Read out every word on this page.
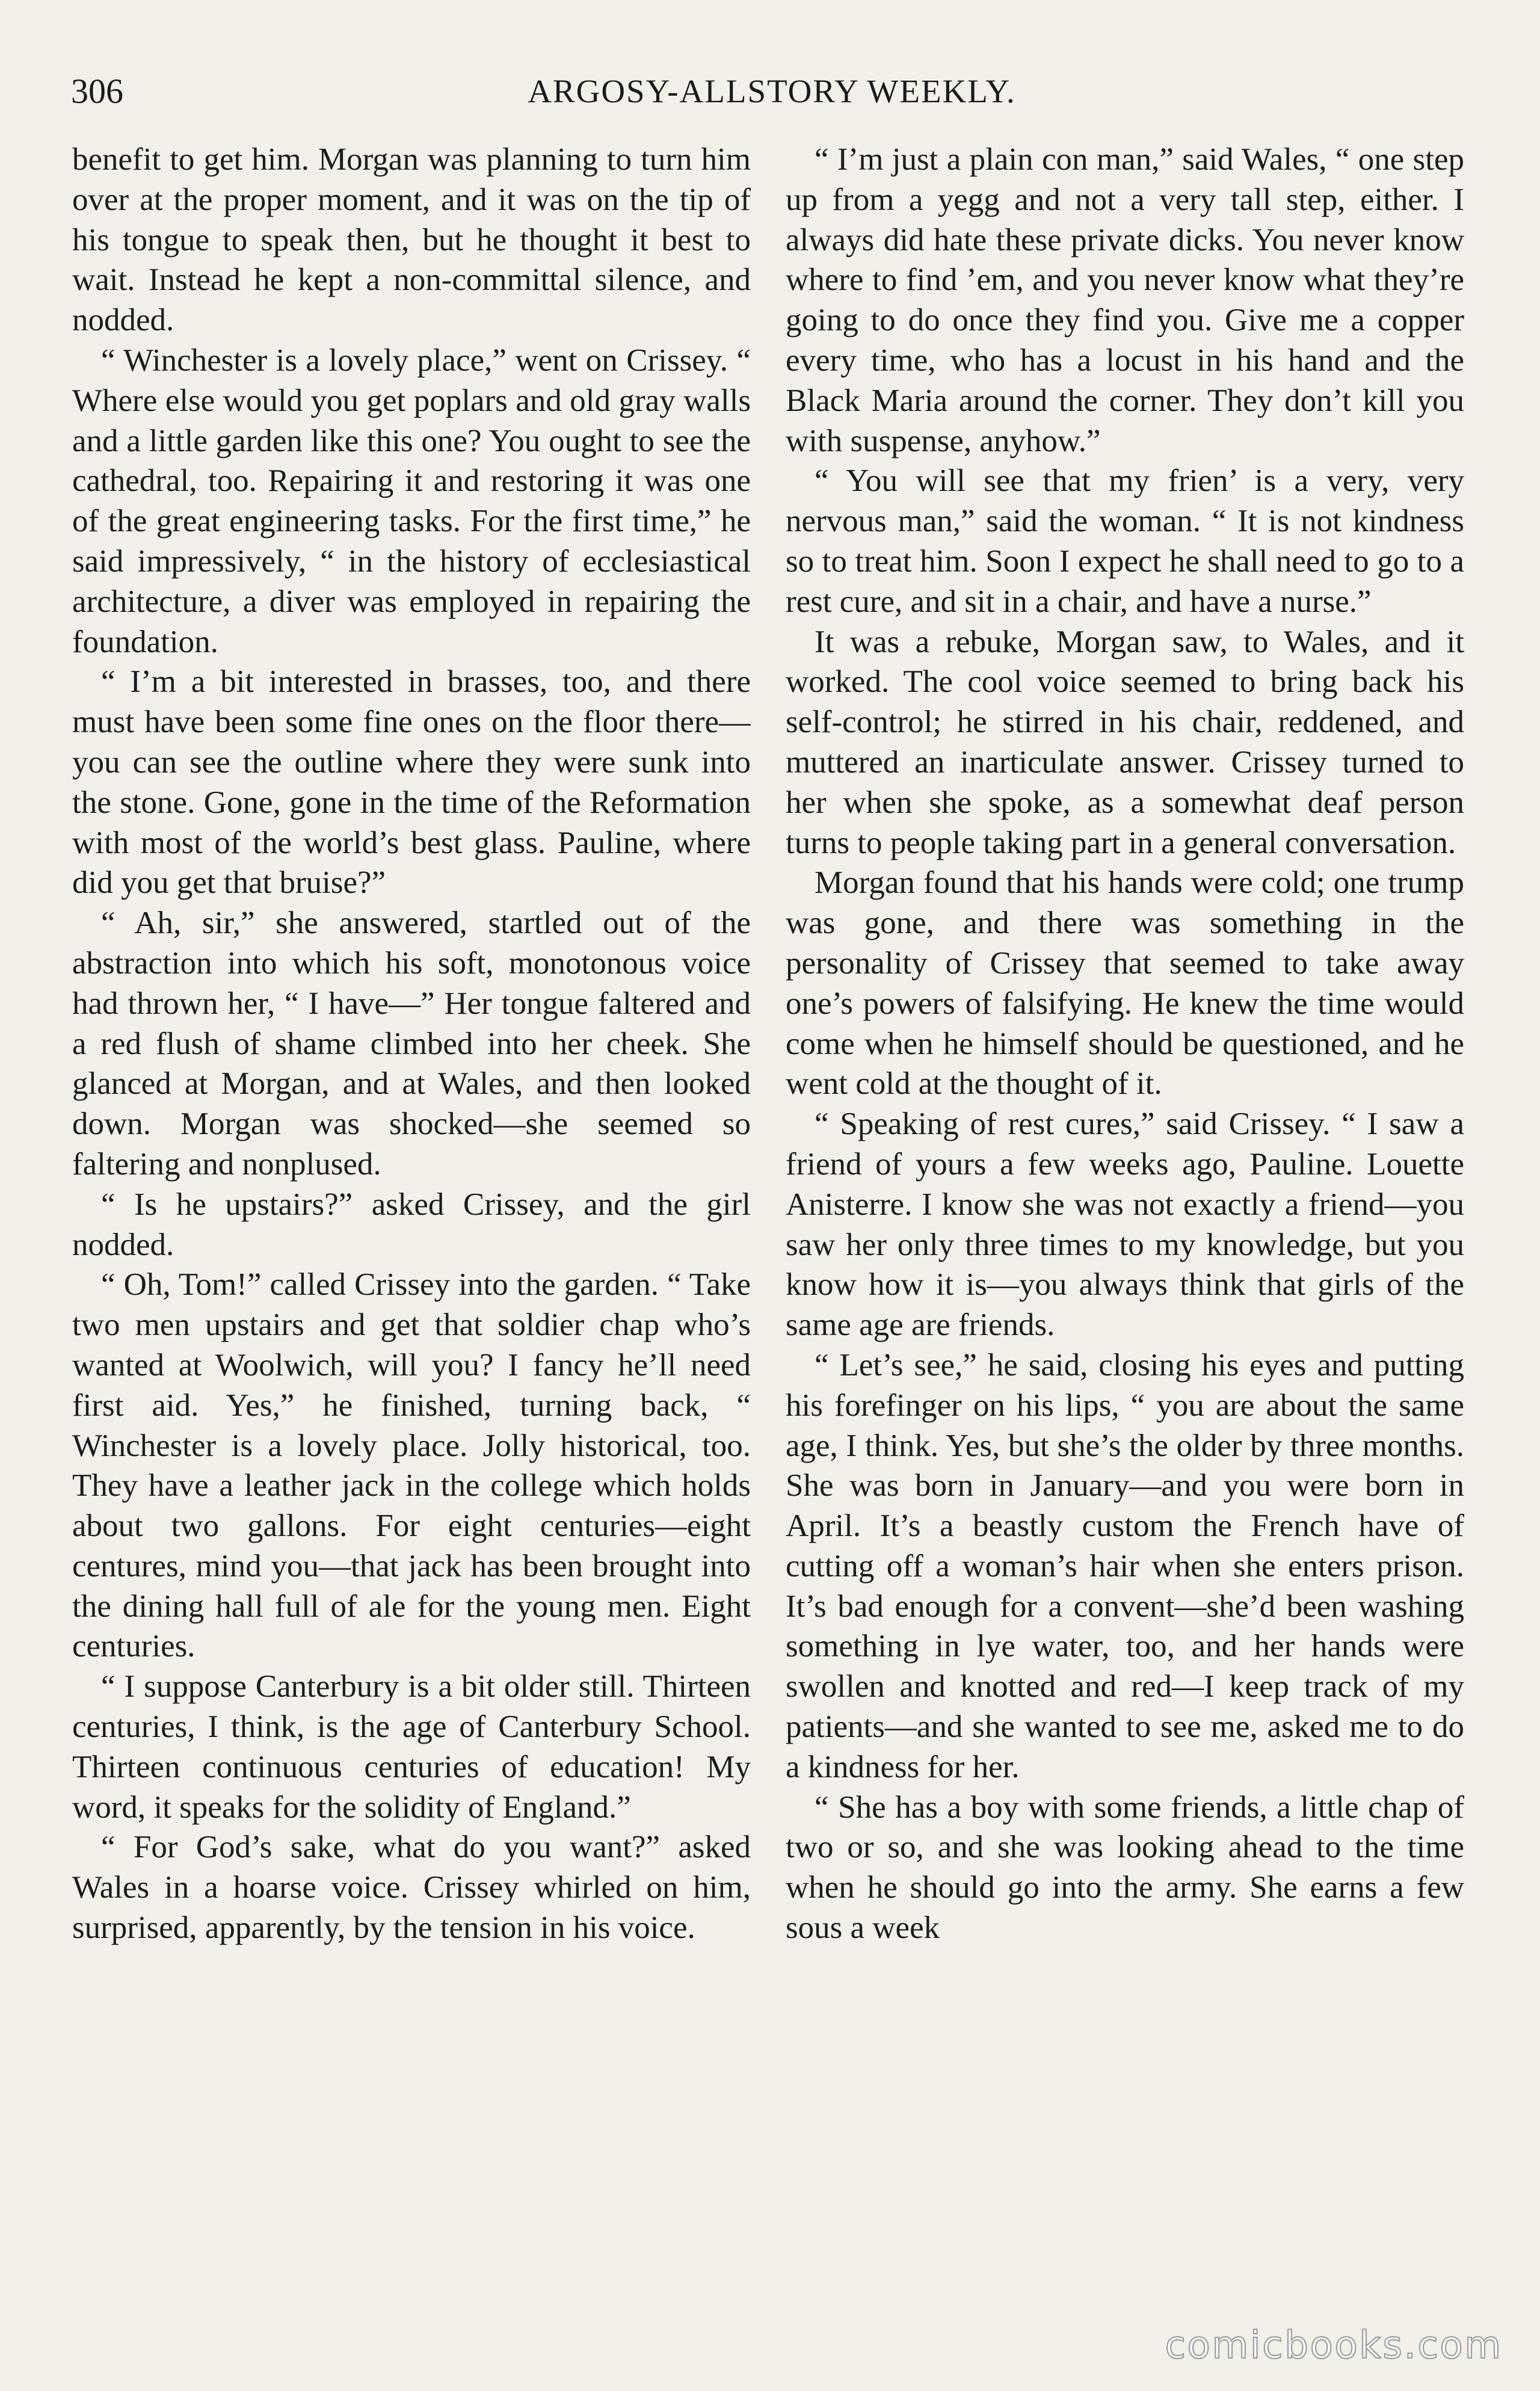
306	ARGOSY-ALLSTORY WEEKLY.

benefit to get him. Morgan was planning to turn him over at the proper moment, and it was on the tip of his tongue to speak then, but he thought it best to wait. Instead he kept a non-committal silence, and nodded.

“ Winchester is a lovely place,” went on Crissey. “ Where else would you get poplars and old gray walls and a little garden like this one? You ought to see the cathedral, too. Repairing it and restoring it was one of the great engineering tasks. For the first time,” he said impressively, “ in the history of ecclesiastical architecture, a diver was employed in repairing the foundation.

“ I’m a bit interested in brasses, too, and there must have been some fine ones on the floor there—you can see the outline where they were sunk into the stone. Gone, gone in the time of the Reformation with most of the world’s best glass. Pauline, where did you get that bruise?”

“ Ah, sir,” she answered, startled out of the abstraction into which his soft, monotonous voice had thrown her, “ I have—” Her tongue faltered and a red flush of shame climbed into her cheek. She glanced at Morgan, and at Wales, and then looked down. Morgan was shocked—she seemed so faltering and nonplused.

“ Is he upstairs?” asked Crissey, and the girl nodded.

“ Oh, Tom!” called Crissey into the garden. “ Take two men upstairs and get that soldier chap who’s wanted at Woolwich, will you? I fancy he’ll need first aid. Yes,” he finished, turning back, “ Winchester is a lovely place. Jolly historical, too. They have a leather jack in the college which holds about two gallons. For eight centuries—eight centures, mind you—that jack has been brought into the dining hall full of ale for the young men. Eight centuries.

“ I suppose Canterbury is a bit older still. Thirteen centuries, I think, is the age of Canterbury School. Thirteen continuous centuries of education! My word, it speaks for the solidity of England.”

“ For God’s sake, what do you want?” asked Wales in a hoarse voice. Crissey whirled on him, surprised, apparently, by the tension in his voice.

“ I’m just a plain con man,” said Wales, “ one step up from a yegg and not a very tall step, either. I always did hate these private dicks. You never know where to find ’em, and you never know what they’re going to do once they find you. Give me a copper every time, who has a locust in his hand and the Black Maria around the corner. They don’t kill you with suspense, anyhow.”

“ You will see that my frien’ is a very, very nervous man,” said the woman. “ It is not kindness so to treat him. Soon I expect he shall need to go to a rest cure, and sit in a chair, and have a nurse.”

It was a rebuke, Morgan saw, to Wales, and it worked. The cool voice seemed to bring back his self-control; he stirred in his chair, reddened, and muttered an inarticulate answer. Crissey turned to her when she spoke, as a somewhat deaf person turns to people taking part in a general conversation.

Morgan found that his hands were cold; one trump was gone, and there was something in the personality of Crissey that seemed to take away one’s powers of falsifying. He knew the time would come when he himself should be questioned, and he went cold at the thought of it.

“ Speaking of rest cures,” said Crissey. “ I saw a friend of yours a few weeks ago, Pauline. Louette Anisterre. I know she was not exactly a friend—you saw her only three times to my knowledge, but you know how it is—you always think that girls of the same age are friends.

“ Let’s see,” he said, closing his eyes and putting his forefinger on his lips, “ you are about the same age, I think. Yes, but she’s the older by three months. She was born in January—and you were born in April. It’s a beastly custom the French have of cutting off a woman’s hair when she enters prison. It’s bad enough for a convent—she’d been washing something in lye water, too, and her hands were swollen and knotted and red—I keep track of my patients—and she wanted to see me, asked me to do a kindness for her.

“ She has a boy with some friends, a little chap of two or so, and she was looking ahead to the time when he should go into the army. She earns a few sous a week

comicbooks.com
